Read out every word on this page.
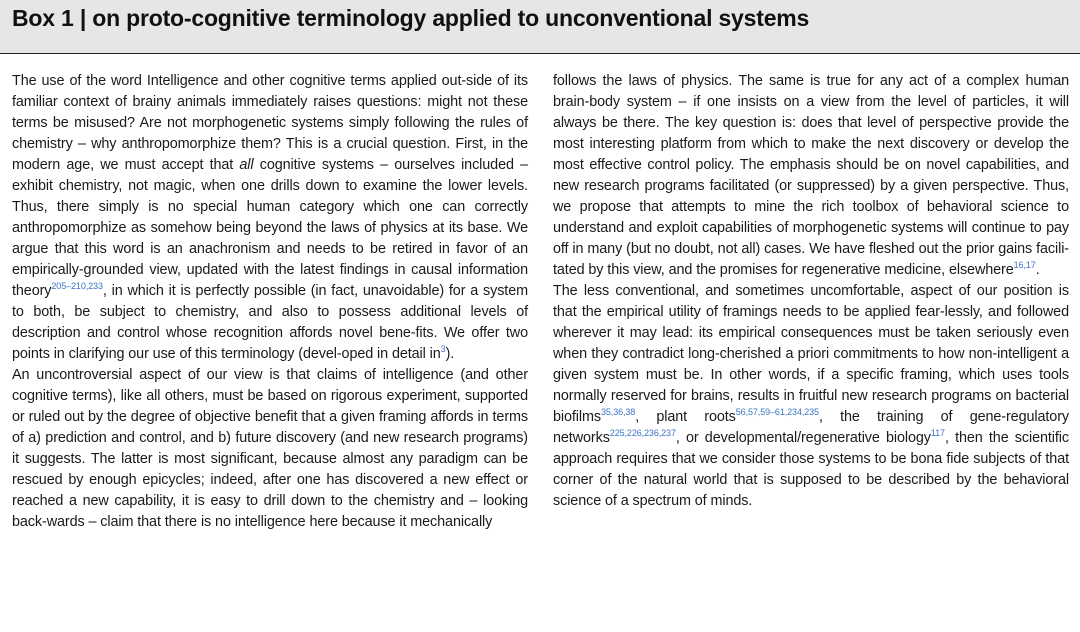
Box 1 | on proto-cognitive terminology applied to unconventional systems

The use of the word Intelligence and other cognitive terms applied out-side of its familiar context of brainy animals immediately raises questions: might not these terms be misused? Are not morphogenetic systems simply following the rules of chemistry – why anthropomorphize them? This is a crucial question. First, in the modern age, we must accept that all cognitive systems – ourselves included – exhibit chemistry, not magic, when one drills down to examine the lower levels. Thus, there simply is no special human category which one can correctly anthropomorphize as somehow being beyond the laws of physics at its base. We argue that this word is an anachronism and needs to be retired in favor of an empirically-grounded view, updated with the latest findings in causal information theory$^{205-210,233}$, in which it is perfectly possible (in fact, unavoidable) for a system to both, be subject to chemistry, and also to possess additional levels of description and control whose recognition affords novel bene-fits. We offer two points in clarifying our use of this terminology (devel-oped in detail in$^3$).

An uncontroversial aspect of our view is that claims of intelligence (and other cognitive terms), like all others, must be based on rigorous experiment, supported or ruled out by the degree of objective benefit that a given framing affords in terms of a) prediction and control, and b) future discovery (and new research programs) it suggests. The latter is most significant, because almost any paradigm can be rescued by enough epicycles; indeed, after one has discovered a new effect or reached a new capability, it is easy to drill down to the chemistry and – looking back-wards – claim that there is no intelligence here because it mechanically

follows the laws of physics. The same is true for any act of a complex human brain-body system – if one insists on a view from the level of particles, it will always be there. The key question is: does that level of perspective provide the most interesting platform from which to make the next discovery or develop the most effective control policy. The emphasis should be on novel capabilities, and new research programs facilitated (or suppressed) by a given perspective. Thus, we propose that attempts to mine the rich toolbox of behavioral science to understand and exploit capabilities of morphogenetic systems will continue to pay off in many (but no doubt, not all) cases. We have fleshed out the prior gains facili-tated by this view, and the promises for regenerative medicine, elsewhere$^{16,17}$.

The less conventional, and sometimes uncomfortable, aspect of our position is that the empirical utility of framings needs to be applied fear-lessly, and followed wherever it may lead: its empirical consequences must be taken seriously even when they contradict long-cherished a priori commitments to how non-intelligent a given system must be. In other words, if a specific framing, which uses tools normally reserved for brains, results in fruitful new research programs on bacterial biofilms$^{35,36,38}$, plant roots$^{56,57,59-61,234,235}$, the training of gene-regulatory networks$^{225,226,236,237}$, or developmental/regenerative biology$^{117}$, then the scientific approach requires that we consider those systems to be bona fide subjects of that corner of the natural world that is supposed to be described by the behavioral science of a spectrum of minds.
